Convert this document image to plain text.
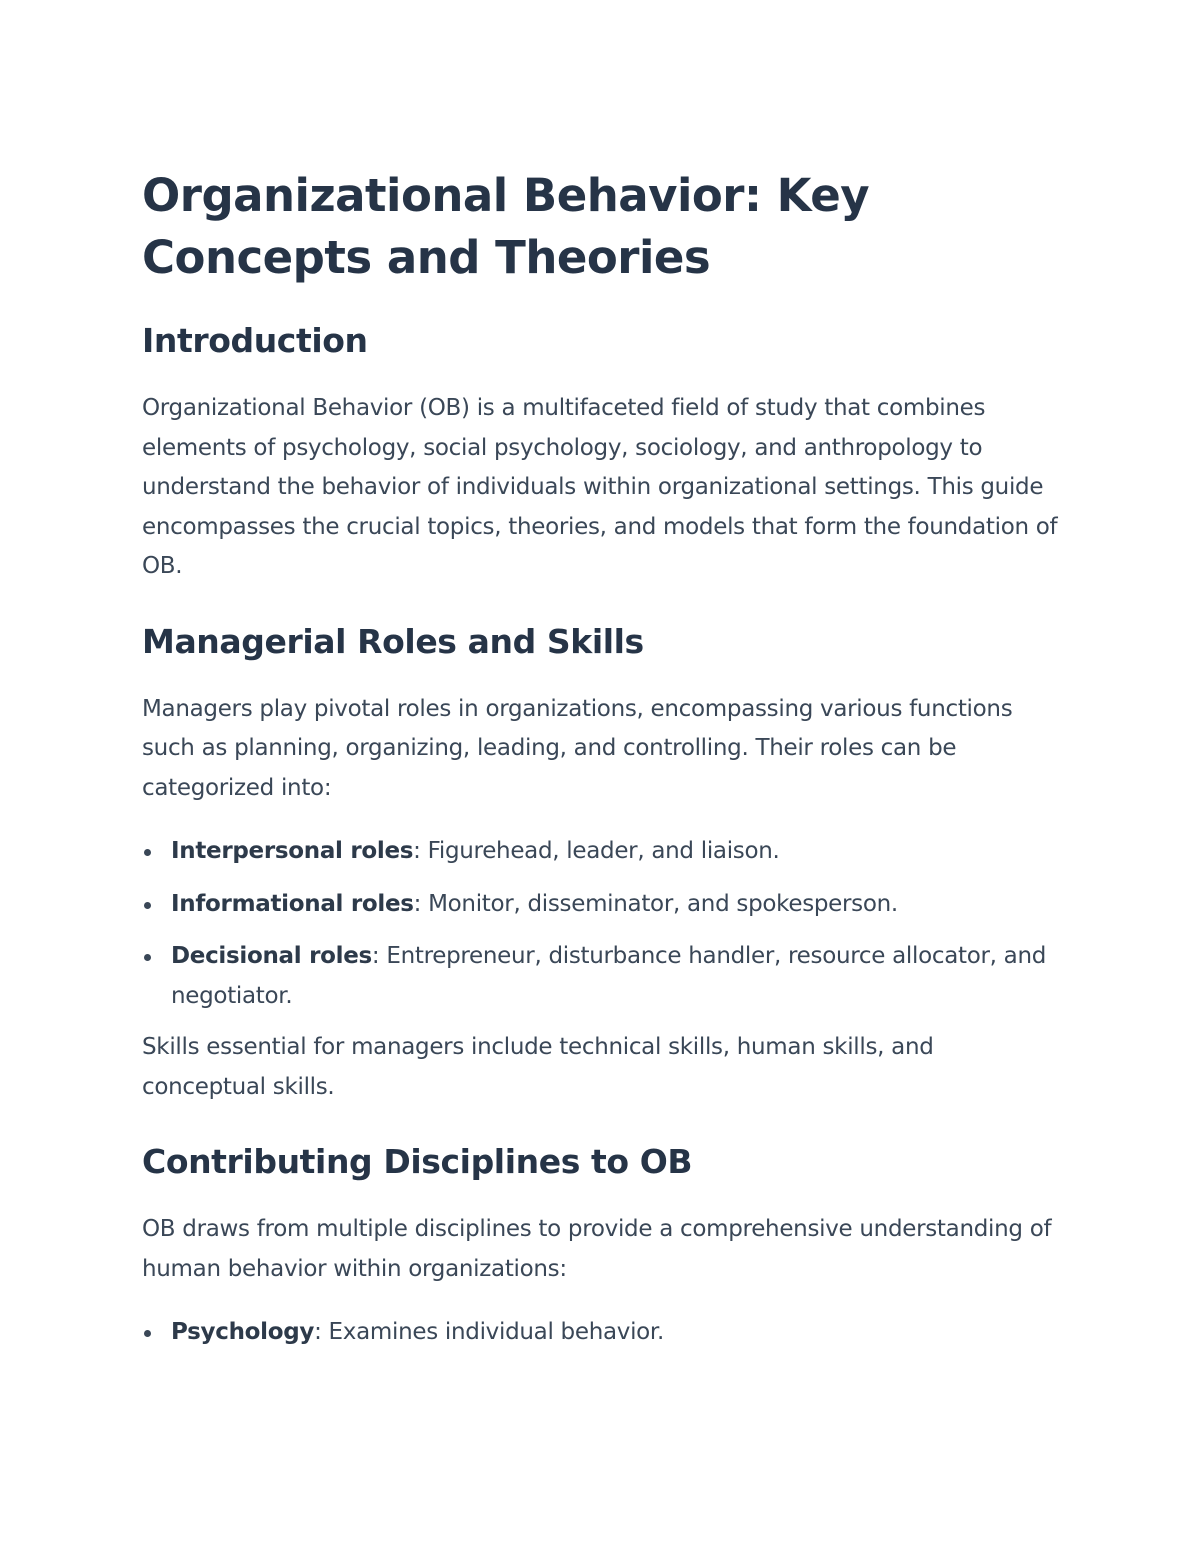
Organizational Behavior: Key Concepts and Theories
Introduction

Organizational Behavior (OB) is a multifaceted field of study that combines elements of psychology, social psychology, sociology, and anthropology to understand the behavior of individuals within organizational settings. This guide encompasses the crucial topics, theories, and models that form the foundation of OB.

Managerial Roles and Skills

Managers play pivotal roles in organizations, encompassing various functions such as planning, organizing, leading, and controlling. Their roles can be categorized into:

Interpersonal roles: Figurehead, leader, and liaison.
Informational roles: Monitor, disseminator, and spokesperson.
Decisional roles: Entrepreneur, disturbance handler, resource allocator, and negotiator.

Skills essential for managers include technical skills, human skills, and conceptual skills.

Contributing Disciplines to OB

OB draws from multiple disciplines to provide a comprehensive understanding of human behavior within organizations:

Psychology: Examines individual behavior.
